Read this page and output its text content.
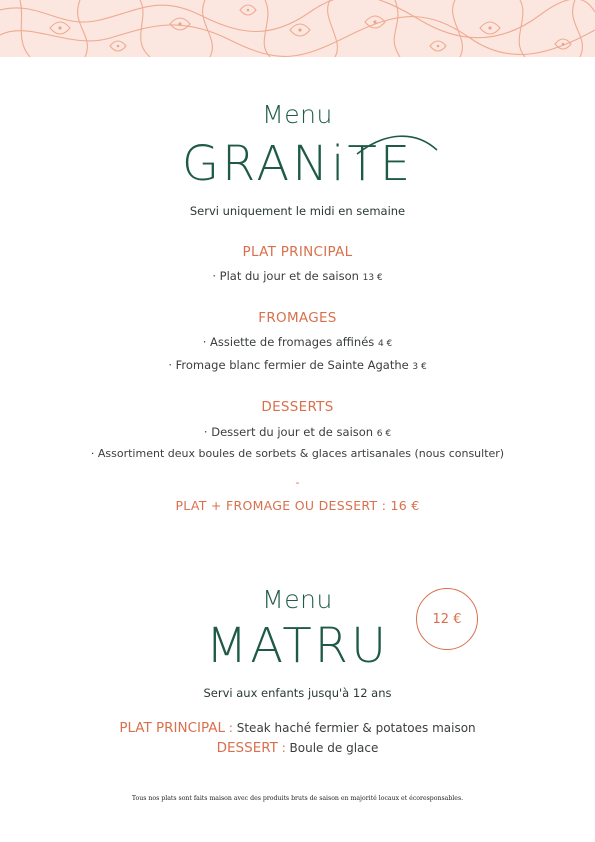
Menu
GRANiTE
Servi uniquement le midi en semaine
PLAT PRINCIPAL
· Plat du jour et de saison 13 €
FROMAGES
· Assiette de fromages affinés 4 €
· Fromage blanc fermier de Sainte Agathe 3 €
DESSERTS
· Dessert du jour et de saison 6 €
· Assortiment deux boules de sorbets & glaces artisanales (nous consulter)
-
PLAT + FROMAGE OU DESSERT : 16 €
Menu
MATRU	12 €
Servi aux enfants jusqu'à 12 ans
PLAT PRINCIPAL : Steak haché fermier & potatoes maison
DESSERT : Boule de glace
Tous nos plats sont faits maison avec des produits bruts de saison en majorité locaux et écoresponsables.
